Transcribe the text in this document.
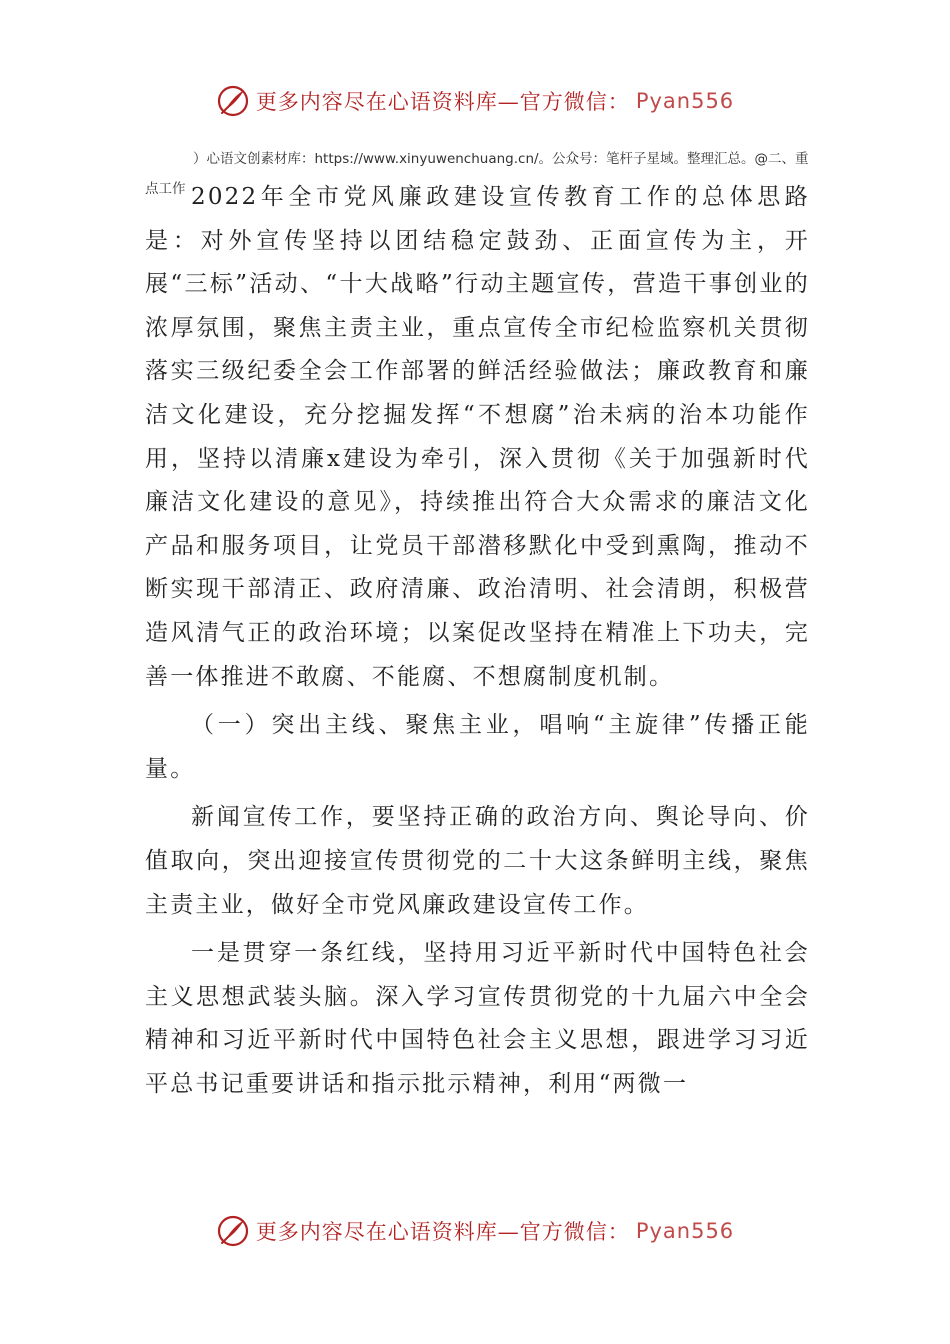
更多内容尽在心语资料库—官方微信： Pyan556

）心语文创素材库：https://www.xinyuwenchuang.cn/。公众号：笔杆子星域。整理汇总。@二、重点工作 2022年全市党风廉政建设宣传教育工作的总体思路是：对外宣传坚持以团结稳定鼓劲、正面宣传为主，开展“三标”活动、“十大战略”行动主题宣传，营造干事创业的浓厚氛围，聚焦主责主业，重点宣传全市纪检监察机关贯彻落实三级纪委全会工作部署的鲜活经验做法；廉政教育和廉洁文化建设，充分挖掘发挥“不想腐”治未病的治本功能作用，坚持以清廉x建设为牵引，深入贯彻《关于加强新时代廉洁文化建设的意见》，持续推出符合大众需求的廉洁文化产品和服务项目，让党员干部潜移默化中受到熏陶，推动不断实现干部清正、政府清廉、政治清明、社会清朗，积极营造风清气正的政治环境；以案促改坚持在精准上下功夫，完善一体推进不敢腐、不能腐、不想腐制度机制。

（一）突出主线、聚焦主业，唱响“主旋律”传播正能量。

新闻宣传工作，要坚持正确的政治方向、舆论导向、价值取向，突出迎接宣传贯彻党的二十大这条鲜明主线，聚焦主责主业，做好全市党风廉政建设宣传工作。

一是贯穿一条红线，坚持用习近平新时代中国特色社会主义思想武装头脑。深入学习宣传贯彻党的十九届六中全会精神和习近平新时代中国特色社会主义思想，跟进学习习近平总书记重要讲话和指示批示精神，利用“两微一

更多内容尽在心语资料库—官方微信： Pyan556
